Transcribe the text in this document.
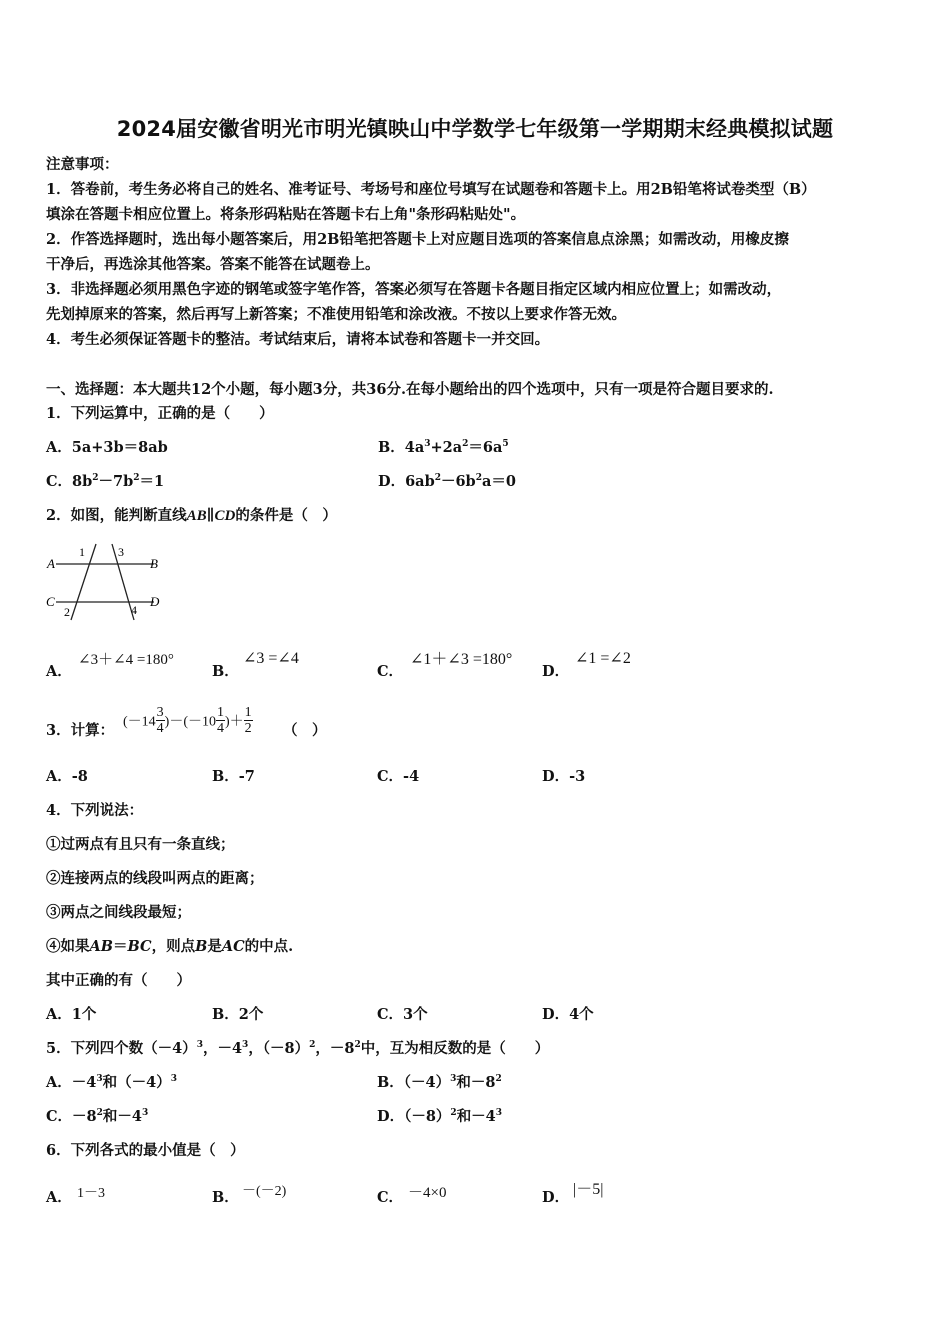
2024届安徽省明光市明光镇映山中学数学七年级第一学期期末经典模拟试题
注意事项：
1．答卷前，考生务必将自己的姓名、准考证号、考场号和座位号填写在试题卷和答题卡上。用2B铅笔将试卷类型（B）
填涂在答题卡相应位置上。将条形码粘贴在答题卡右上角"条形码粘贴处"。
2．作答选择题时，选出每小题答案后，用2B铅笔把答题卡上对应题目选项的答案信息点涂黑；如需改动，用橡皮擦
干净后，再选涂其他答案。答案不能答在试题卷上。
3．非选择题必须用黑色字迹的钢笔或签字笔作答，答案必须写在答题卡各题目指定区域内相应位置上；如需改动，
先划掉原来的答案，然后再写上新答案；不准使用铅笔和涂改液。不按以上要求作答无效。
4．考生必须保证答题卡的整洁。考试结束后，请将本试卷和答题卡一并交回。
一、选择题：本大题共12个小题，每小题3分，共36分.在每小题给出的四个选项中，只有一项是符合题目要求的.
1．下列运算中，正确的是（　　）
A．5a+3b＝8ab	B．$4a^3+2a^2=6a^5$
C．$8b^2-7b^2=1$	D．$6ab^2-6b^2a=0$
2．如图，能判断直线AB∥CD的条件是（　）
A	B
C	D
1
2
3
4
A．
∠3＋∠4 =180°
B．
∠3 =∠4
C．
∠1＋∠3 =180°
D．
∠1 =∠2
3．计算： $(-14 \frac{3}{4} )-(-10 \frac{1}{4}$ )＋ $\frac{1}{2}$ （　）
A．-8	B．-7	C．-4	D．-3
4．下列说法：
①过两点有且只有一条直线；
②连接两点的线段叫两点的距离；
③两点之间线段最短；
④如果AB＝BC，则点B是AC的中点.
其中正确的有（　　）
A．1个	B．2个	C．3个	D．4个
5．下列四个数$(-4)^3$，$-4^3$，$(-8)^2$，$-8^2$中，互为相反数的是（　　）
A．$-4^3$和$(-4)^3$	B．$(-4)^3$和$-8^2$
C．$-8^2$和$-4^3$	D．$(-8)^2$和$-4^3$
6．下列各式的最小值是（　）
A． 1－3	B． －(－2)	C． －4×0	D． |－5|
